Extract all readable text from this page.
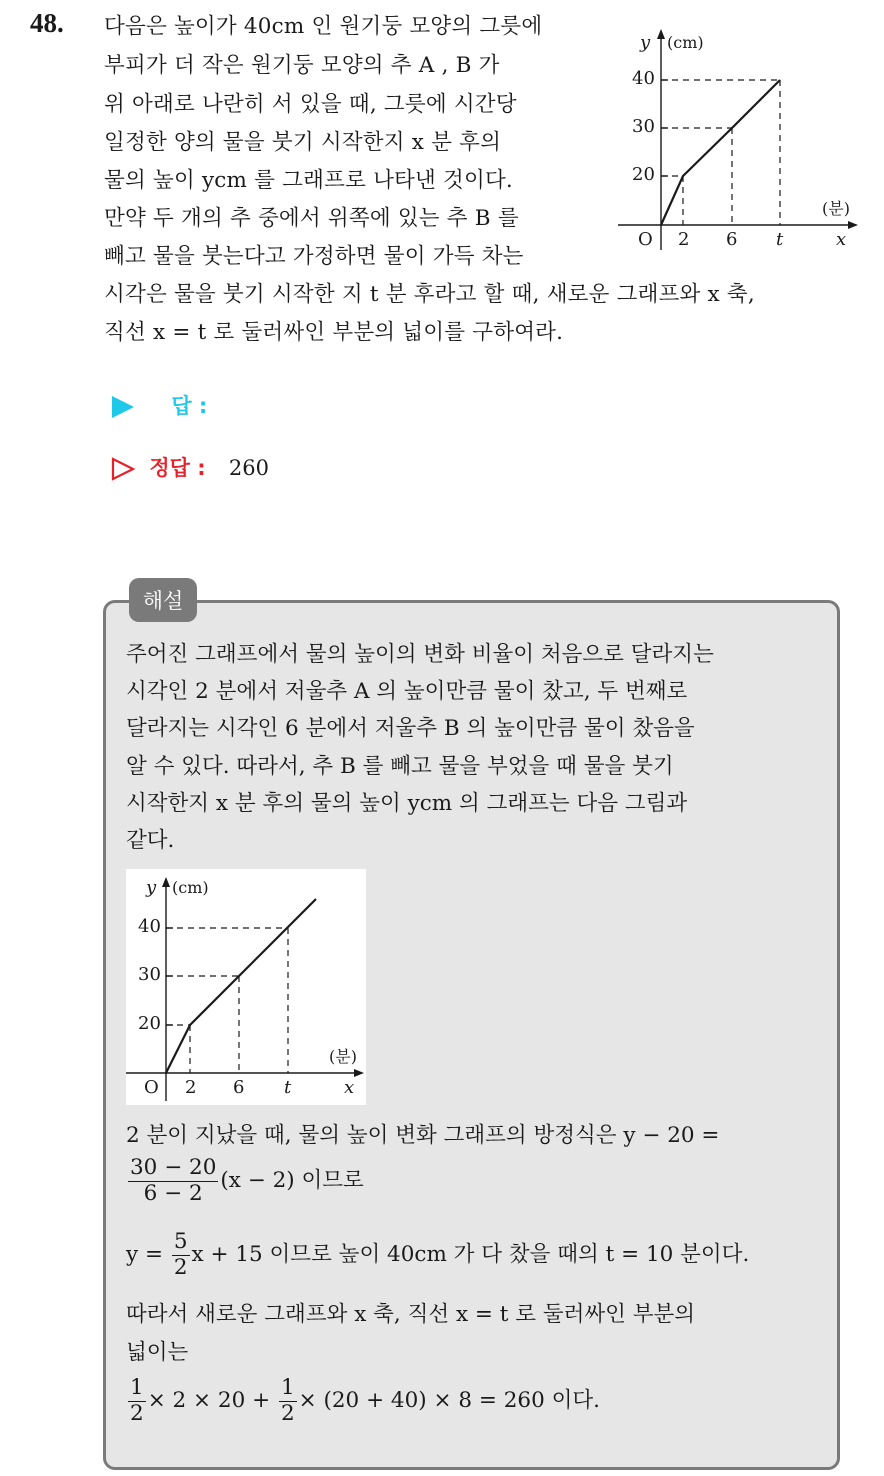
48. 다음은 높이가 40cm 인 원기둥 모양의 그릇에
부피가 더 작은 원기둥 모양의 추 A , B 가
위 아래로 나란히 서 있을 때, 그릇에 시간당
일정한 양의 물을 붓기 시작한지 x 분 후의
물의 높이 ycm 를 그래프로 나타낸 것이다.
만약 두 개의 추 중에서 위쪽에 있는 추 B 를
빼고 물을 붓는다고 가정하면 물이 가득 차는
시각은 물을 붓기 시작한 지 t 분 후라고 할 때, 새로운 그래프와 x 축,
직선 x = t 로 둘러싸인 부분의 넓이를 구하여라.
y (cm)
40
30
20
O 2 6 t	x
(분)
답 :
정답 : 260
해설
주어진 그래프에서 물의 높이의 변화 비율이 처음으로 달라지는
시각인 2 분에서 저울추 A 의 높이만큼 물이 찼고, 두 번째로
달라지는 시각인 6 분에서 저울추 B 의 높이만큼 물이 찼음을
알 수 있다. 따라서, 추 B 를 빼고 물을 부었을 때 물을 붓기
시작한지 x 분 후의 물의 높이 ycm 의 그래프는 다음 그림과
같다.
y (cm)
40
30
20
O 2 6 t	x
(분)
2 분이 지났을 때, 물의 높이 변화 그래프의 방정식은 y − 20 =
$\frac{30 - 20}{6 - 2} (x - 2)$ 이므로
$y = \frac{5}{2}$ x + 15 이므로 높이 40cm 가 다 찼을 때의 t = 10 분이다.
따라서 새로운 그래프와 x 축, 직선 x = t 로 둘러싸인 부분의
넓이는
$\frac{1}{2} \times 2 \times 20 + \frac{1}{2} \times (20 + 40) \times 8 = 260$ 이다.
